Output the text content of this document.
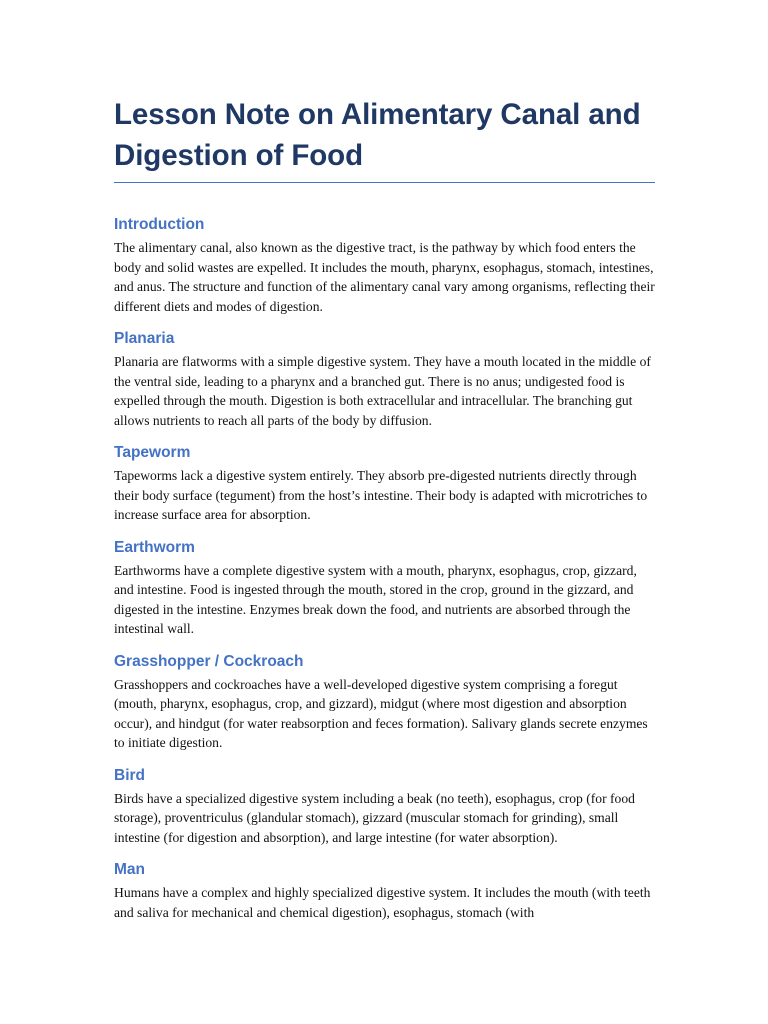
Lesson Note on Alimentary Canal and Digestion of Food
Introduction

The alimentary canal, also known as the digestive tract, is the pathway by which food enters the body and solid wastes are expelled. It includes the mouth, pharynx, esophagus, stomach, intestines, and anus. The structure and function of the alimentary canal vary among organisms, reflecting their different diets and modes of digestion.

Planaria

Planaria are flatworms with a simple digestive system. They have a mouth located in the middle of the ventral side, leading to a pharynx and a branched gut. There is no anus; undigested food is expelled through the mouth. Digestion is both extracellular and intracellular. The branching gut allows nutrients to reach all parts of the body by diffusion.

Tapeworm

Tapeworms lack a digestive system entirely. They absorb pre-digested nutrients directly through their body surface (tegument) from the host’s intestine. Their body is adapted with microtriches to increase surface area for absorption.

Earthworm

Earthworms have a complete digestive system with a mouth, pharynx, esophagus, crop, gizzard, and intestine. Food is ingested through the mouth, stored in the crop, ground in the gizzard, and digested in the intestine. Enzymes break down the food, and nutrients are absorbed through the intestinal wall.

Grasshopper / Cockroach

Grasshoppers and cockroaches have a well-developed digestive system comprising a foregut (mouth, pharynx, esophagus, crop, and gizzard), midgut (where most digestion and absorption occur), and hindgut (for water reabsorption and feces formation). Salivary glands secrete enzymes to initiate digestion.

Bird

Birds have a specialized digestive system including a beak (no teeth), esophagus, crop (for food storage), proventriculus (glandular stomach), gizzard (muscular stomach for grinding), small intestine (for digestion and absorption), and large intestine (for water absorption).

Man

Humans have a complex and highly specialized digestive system. It includes the mouth (with teeth and saliva for mechanical and chemical digestion), esophagus, stomach (with
